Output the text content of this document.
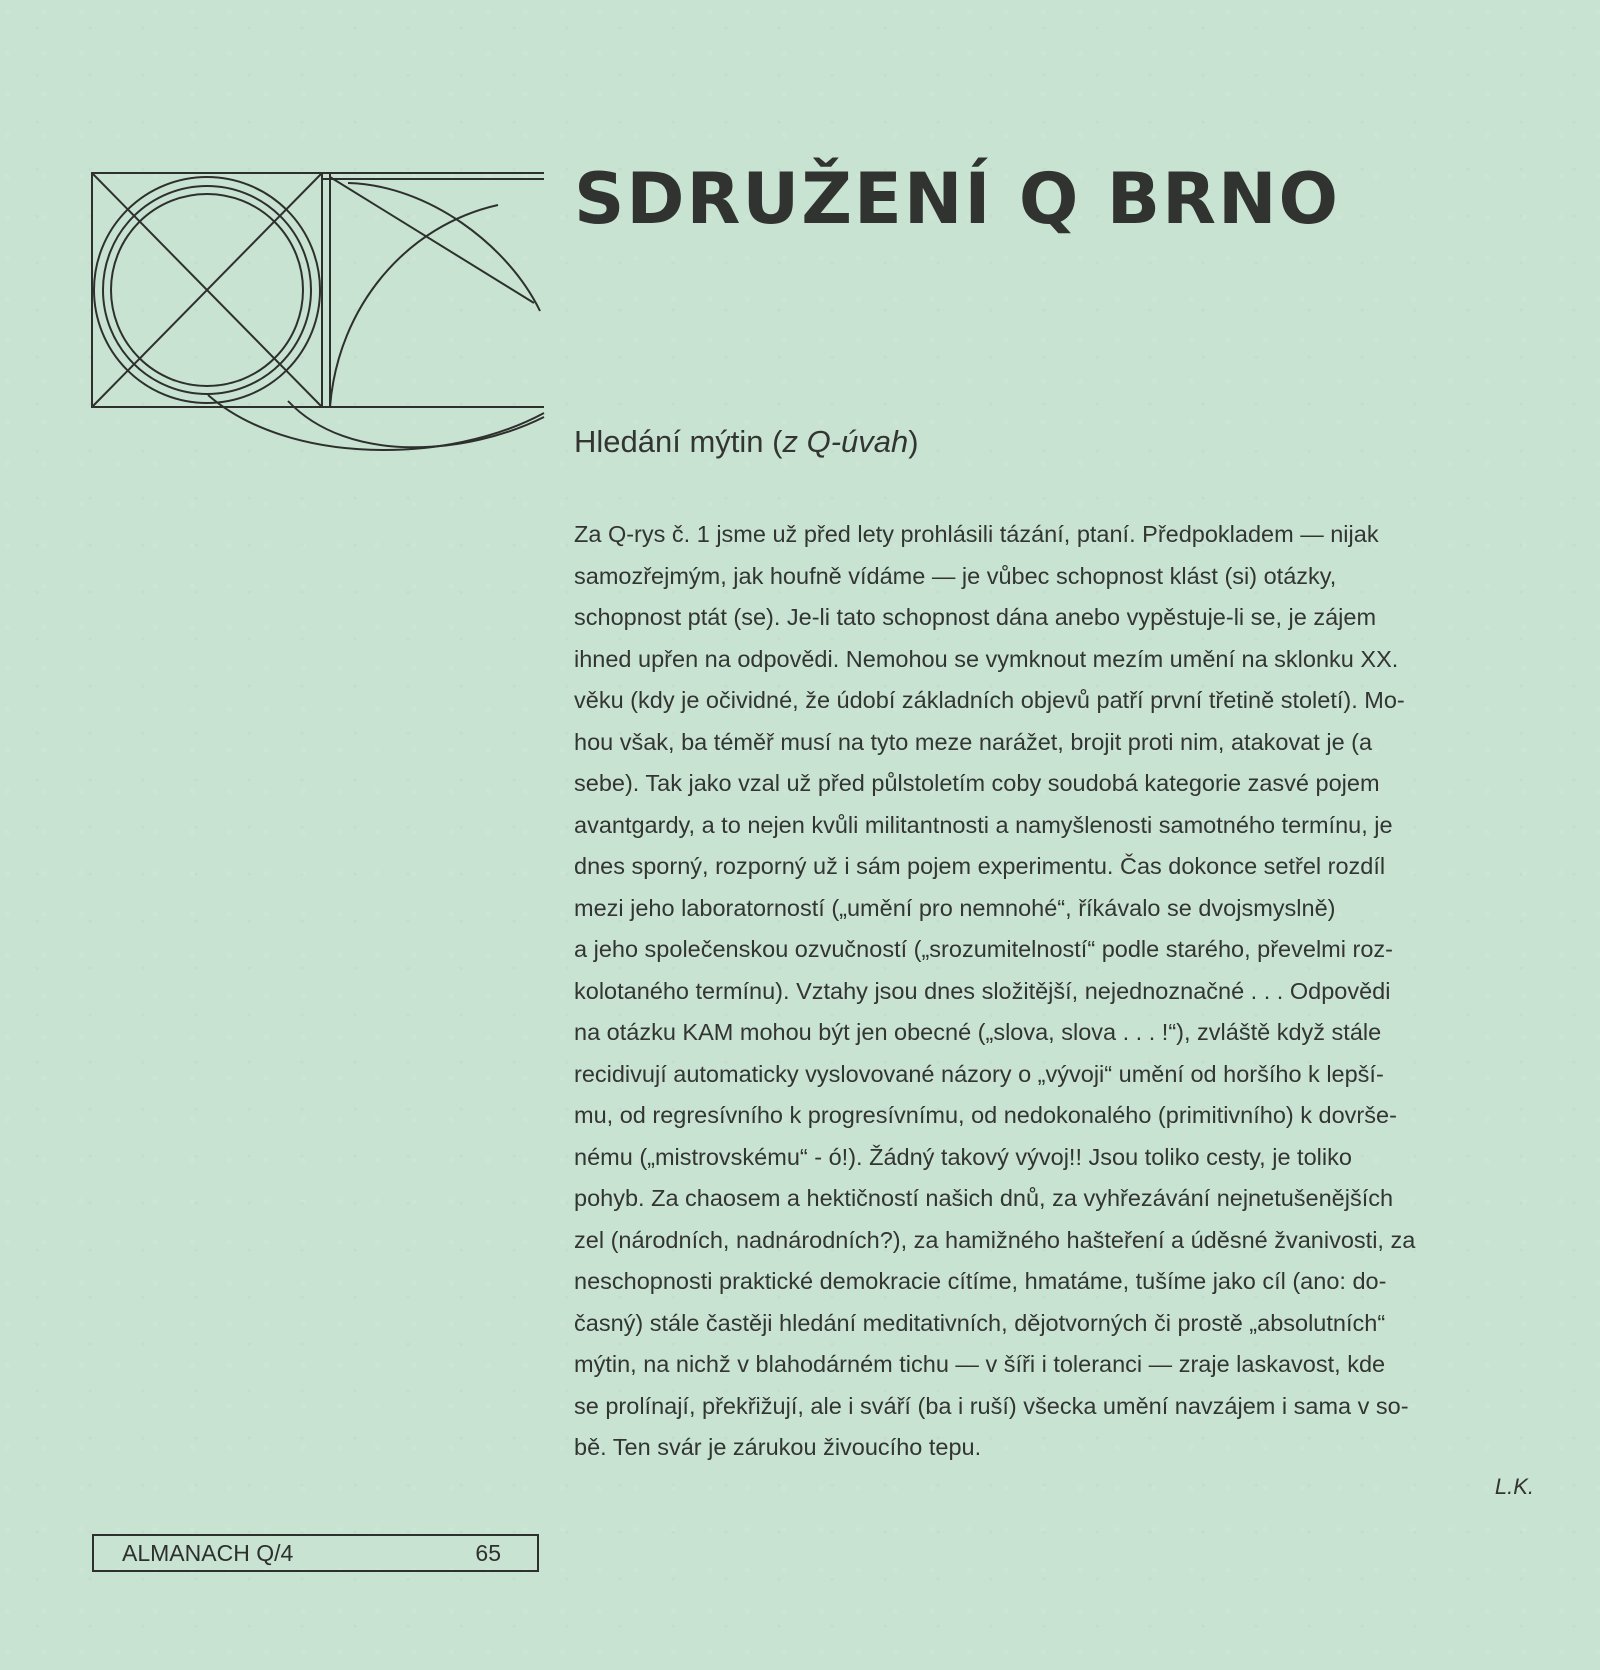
SDRUŽENÍ Q BRNO
Hledání mýtin (z Q-úvah)

Za Q-rys č. 1 jsme už před lety prohlásili tázání, ptaní. Předpokladem — nijak

samozřejmým, jak houfně vídáme — je vůbec schopnost klást (si) otázky,

schopnost ptát (se). Je-li tato schopnost dána anebo vypěstuje-li se, je zájem

ihned upřen na odpovědi. Nemohou se vymknout mezím umění na sklonku XX.

věku (kdy je očividné, že údobí základních objevů patří první třetině století). Mo-

hou však, ba téměř musí na tyto meze narážet, brojit proti nim, atakovat je (a

sebe). Tak jako vzal už před půlstoletím coby soudobá kategorie zasvé pojem

avantgardy, a to nejen kvůli militantnosti a namyšlenosti samotného termínu, je

dnes sporný, rozporný už i sám pojem experimentu. Čas dokonce setřel rozdíl

mezi jeho laboratorností („umění pro nemnohé“, říkávalo se dvojsmyslně)

a jeho společenskou ozvučností („srozumitelností“ podle starého, převelmi roz-

kolotaného termínu). Vztahy jsou dnes složitější, nejednoznačné . . . Odpovědi

na otázku KAM mohou být jen obecné („slova, slova . . . !“), zvláště když stále

recidivují automaticky vyslovované názory o „vývoji“ umění od horšího k lepší-

mu, od regresívního k progresívnímu, od nedokonalého (primitivního) k dovrše-

nému („mistrovskému“ - ó!). Žádný takový vývoj!! Jsou toliko cesty, je toliko

pohyb. Za chaosem a hektičností našich dnů, za vyhřezávání nejnetušenějších

zel (národních, nadnárodních?), za hamižného hašteření a úděsné žvanivosti, za

neschopnosti praktické demokracie cítíme, hmatáme, tušíme jako cíl (ano: do-

časný) stále častěji hledání meditativních, dějotvorných či prostě „absolutních“

mýtin, na nichž v blahodárném tichu — v šíři i toleranci — zraje laskavost, kde

se prolínají, překřižují, ale i sváří (ba i ruší) všecka umění navzájem i sama v so-

bě. Ten svár je zárukou živoucího tepu.

L.K.
ALMANACH Q/4	65
